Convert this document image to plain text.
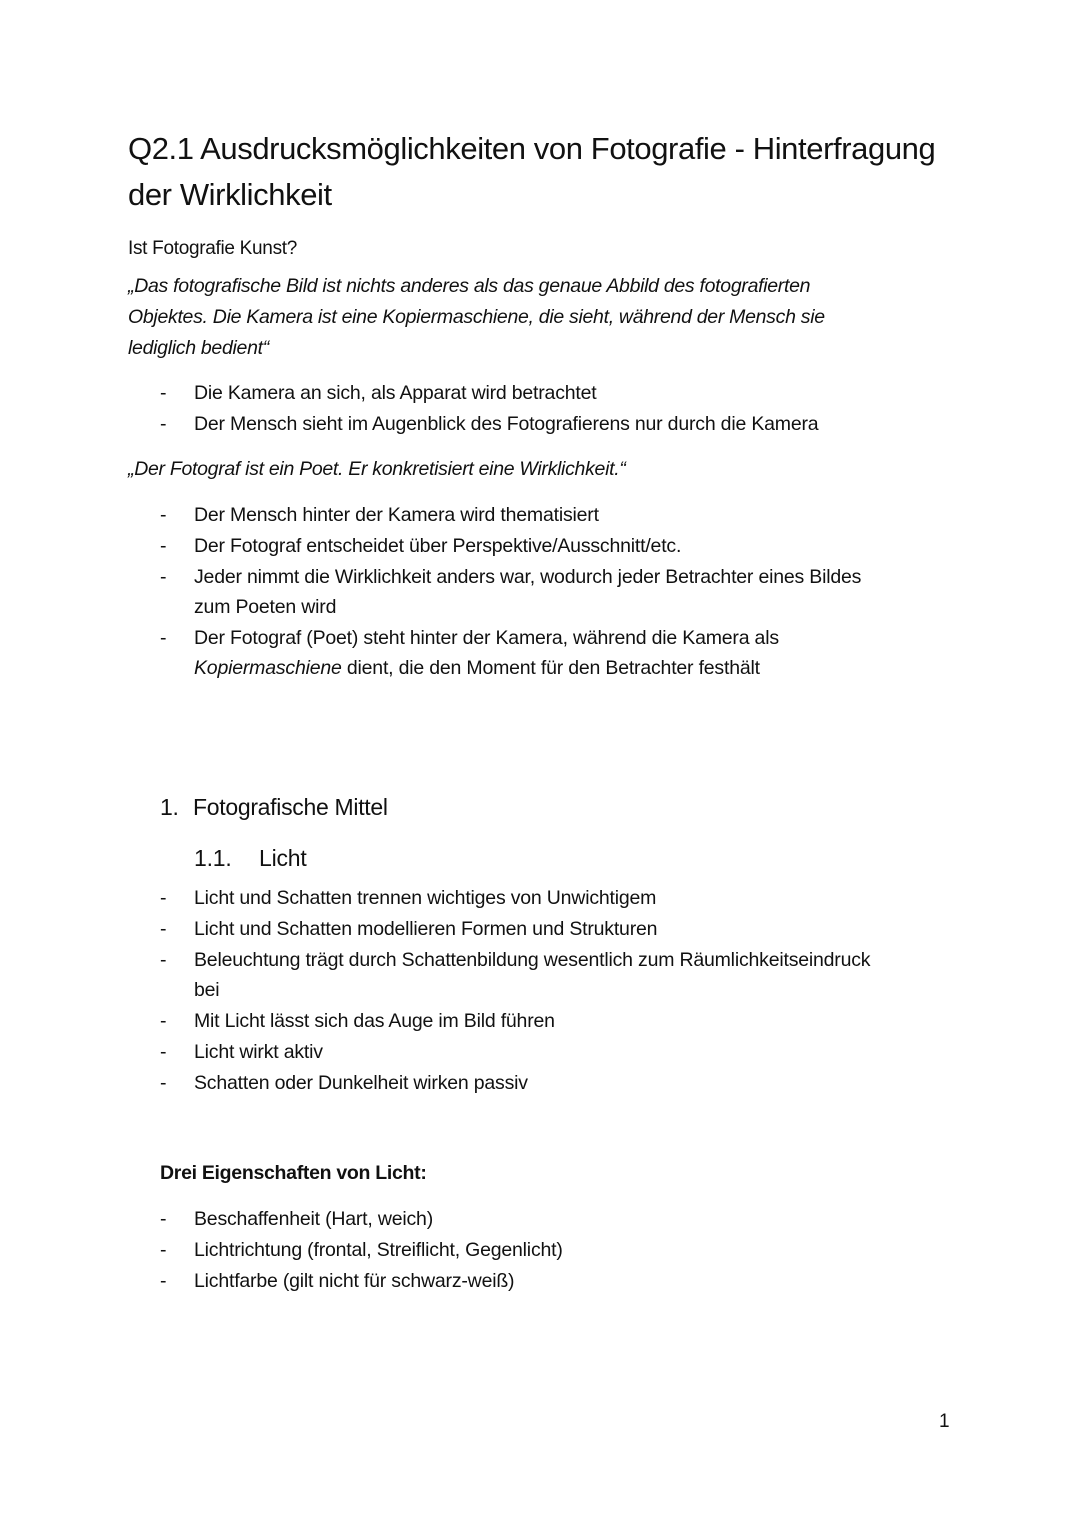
Q2.1 Ausdrucksmöglichkeiten von Fotografie - Hinterfragung
der Wirklichkeit
Ist Fotografie Kunst?
„Das fotografische Bild ist nichts anderes als das genaue Abbild des fotografierten
Objektes. Die Kamera ist eine Kopiermaschiene, die sieht, während der Mensch sie
lediglich bedient“
- Die Kamera an sich, als Apparat wird betrachtet
- Der Mensch sieht im Augenblick des Fotografierens nur durch die Kamera
„Der Fotograf ist ein Poet. Er konkretisiert eine Wirklichkeit.“
- Der Mensch hinter der Kamera wird thematisiert
- Der Fotograf entscheidet über Perspektive/Ausschnitt/etc.
- Jeder nimmt die Wirklichkeit anders war, wodurch jeder Betrachter eines Bildes
zum Poeten wird
- Der Fotograf (Poet) steht hinter der Kamera, während die Kamera als
Kopiermaschiene dient, die den Moment für den Betrachter festhält
1. Fotografische Mittel
1.1. Licht
- Licht und Schatten trennen wichtiges von Unwichtigem
- Licht und Schatten modellieren Formen und Strukturen
- Beleuchtung trägt durch Schattenbildung wesentlich zum Räumlichkeitseindruck
bei
- Mit Licht lässt sich das Auge im Bild führen
- Licht wirkt aktiv
- Schatten oder Dunkelheit wirken passiv
Drei Eigenschaften von Licht:
- Beschaffenheit (Hart, weich)
- Lichtrichtung (frontal, Streiflicht, Gegenlicht)
- Lichtfarbe (gilt nicht für schwarz-weiß)
1
